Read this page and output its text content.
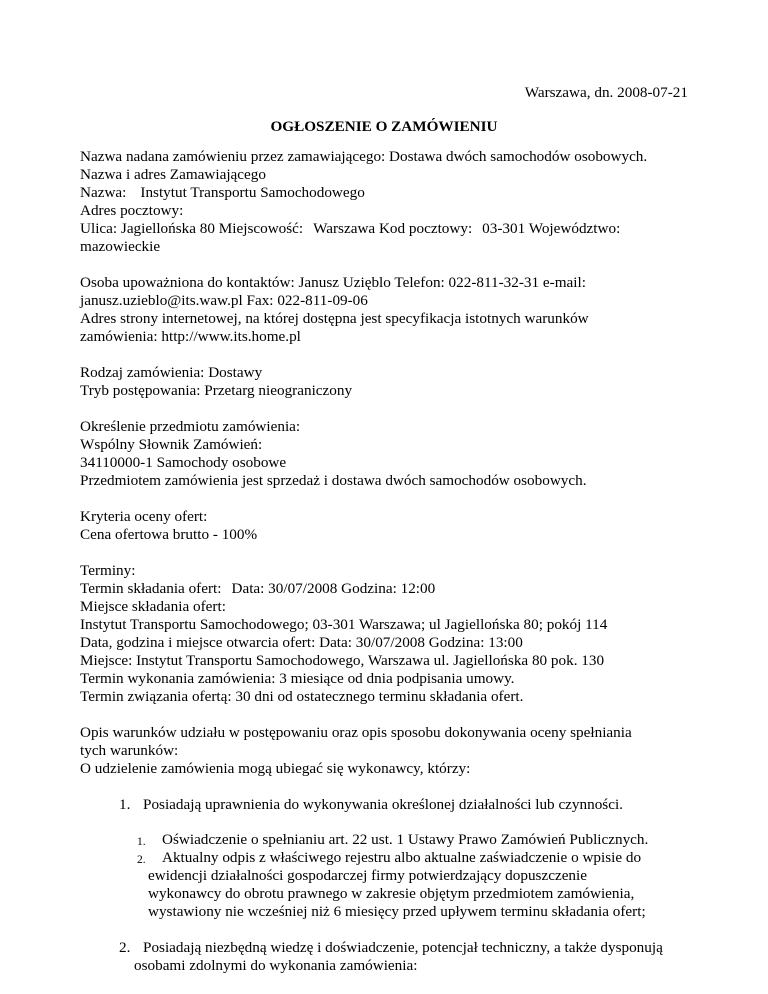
Warszawa, dn. 2008-07-21
OGŁOSZENIE O ZAMÓWIENIU
Nazwa nadana zamówieniu przez zamawiającego: Dostawa dwóch samochodów osobowych.
Nazwa i adres Zamawiającego
Nazwa: Instytut Transportu Samochodowego
Adres pocztowy:
Ulica: Jagiellońska 80 Miejscowość: Warszawa Kod pocztowy: 03-301 Województwo:
mazowieckie
Osoba upoważniona do kontaktów: Janusz Uzięblo Telefon: 022-811-32-31 e-mail:
janusz.uzieblo@its.waw.pl Fax: 022-811-09-06
Adres strony internetowej, na której dostępna jest specyfikacja istotnych warunków
zamówienia: http://www.its.home.pl
Rodzaj zamówienia: Dostawy
Tryb postępowania: Przetarg nieograniczony
Określenie przedmiotu zamówienia:
Wspólny Słownik Zamówień:
34110000-1 Samochody osobowe
Przedmiotem zamówienia jest sprzedaż i dostawa dwóch samochodów osobowych.
Kryteria oceny ofert:
Cena ofertowa brutto - 100%
Terminy:
Termin składania ofert: Data: 30/07/2008 Godzina: 12:00
Miejsce składania ofert:
Instytut Transportu Samochodowego; 03-301 Warszawa; ul Jagiellońska 80; pokój 114
Data, godzina i miejsce otwarcia ofert: Data: 30/07/2008 Godzina: 13:00
Miejsce: Instytut Transportu Samochodowego, Warszawa ul. Jagiellońska 80 pok. 130
Termin wykonania zamówienia: 3 miesiące od dnia podpisania umowy.
Termin związania ofertą: 30 dni od ostatecznego terminu składania ofert.
Opis warunków udziału w postępowaniu oraz opis sposobu dokonywania oceny spełniania
tych warunków:
O udzielenie zamówienia mogą ubiegać się wykonawcy, którzy:
1. Posiadają uprawnienia do wykonywania określonej działalności lub czynności.
1. Oświadczenie o spełnianiu art. 22 ust. 1 Ustawy Prawo Zamówień Publicznych.
2. Aktualny odpis z właściwego rejestru albo aktualne zaświadczenie o wpisie do
ewidencji działalności gospodarczej firmy potwierdzający dopuszczenie
wykonawcy do obrotu prawnego w zakresie objętym przedmiotem zamówienia,
wystawiony nie wcześniej niż 6 miesięcy przed upływem terminu składania ofert;
2. Posiadają niezbędną wiedzę i doświadczenie, potencjał techniczny, a także dysponują
osobami zdolnymi do wykonania zamówienia:
